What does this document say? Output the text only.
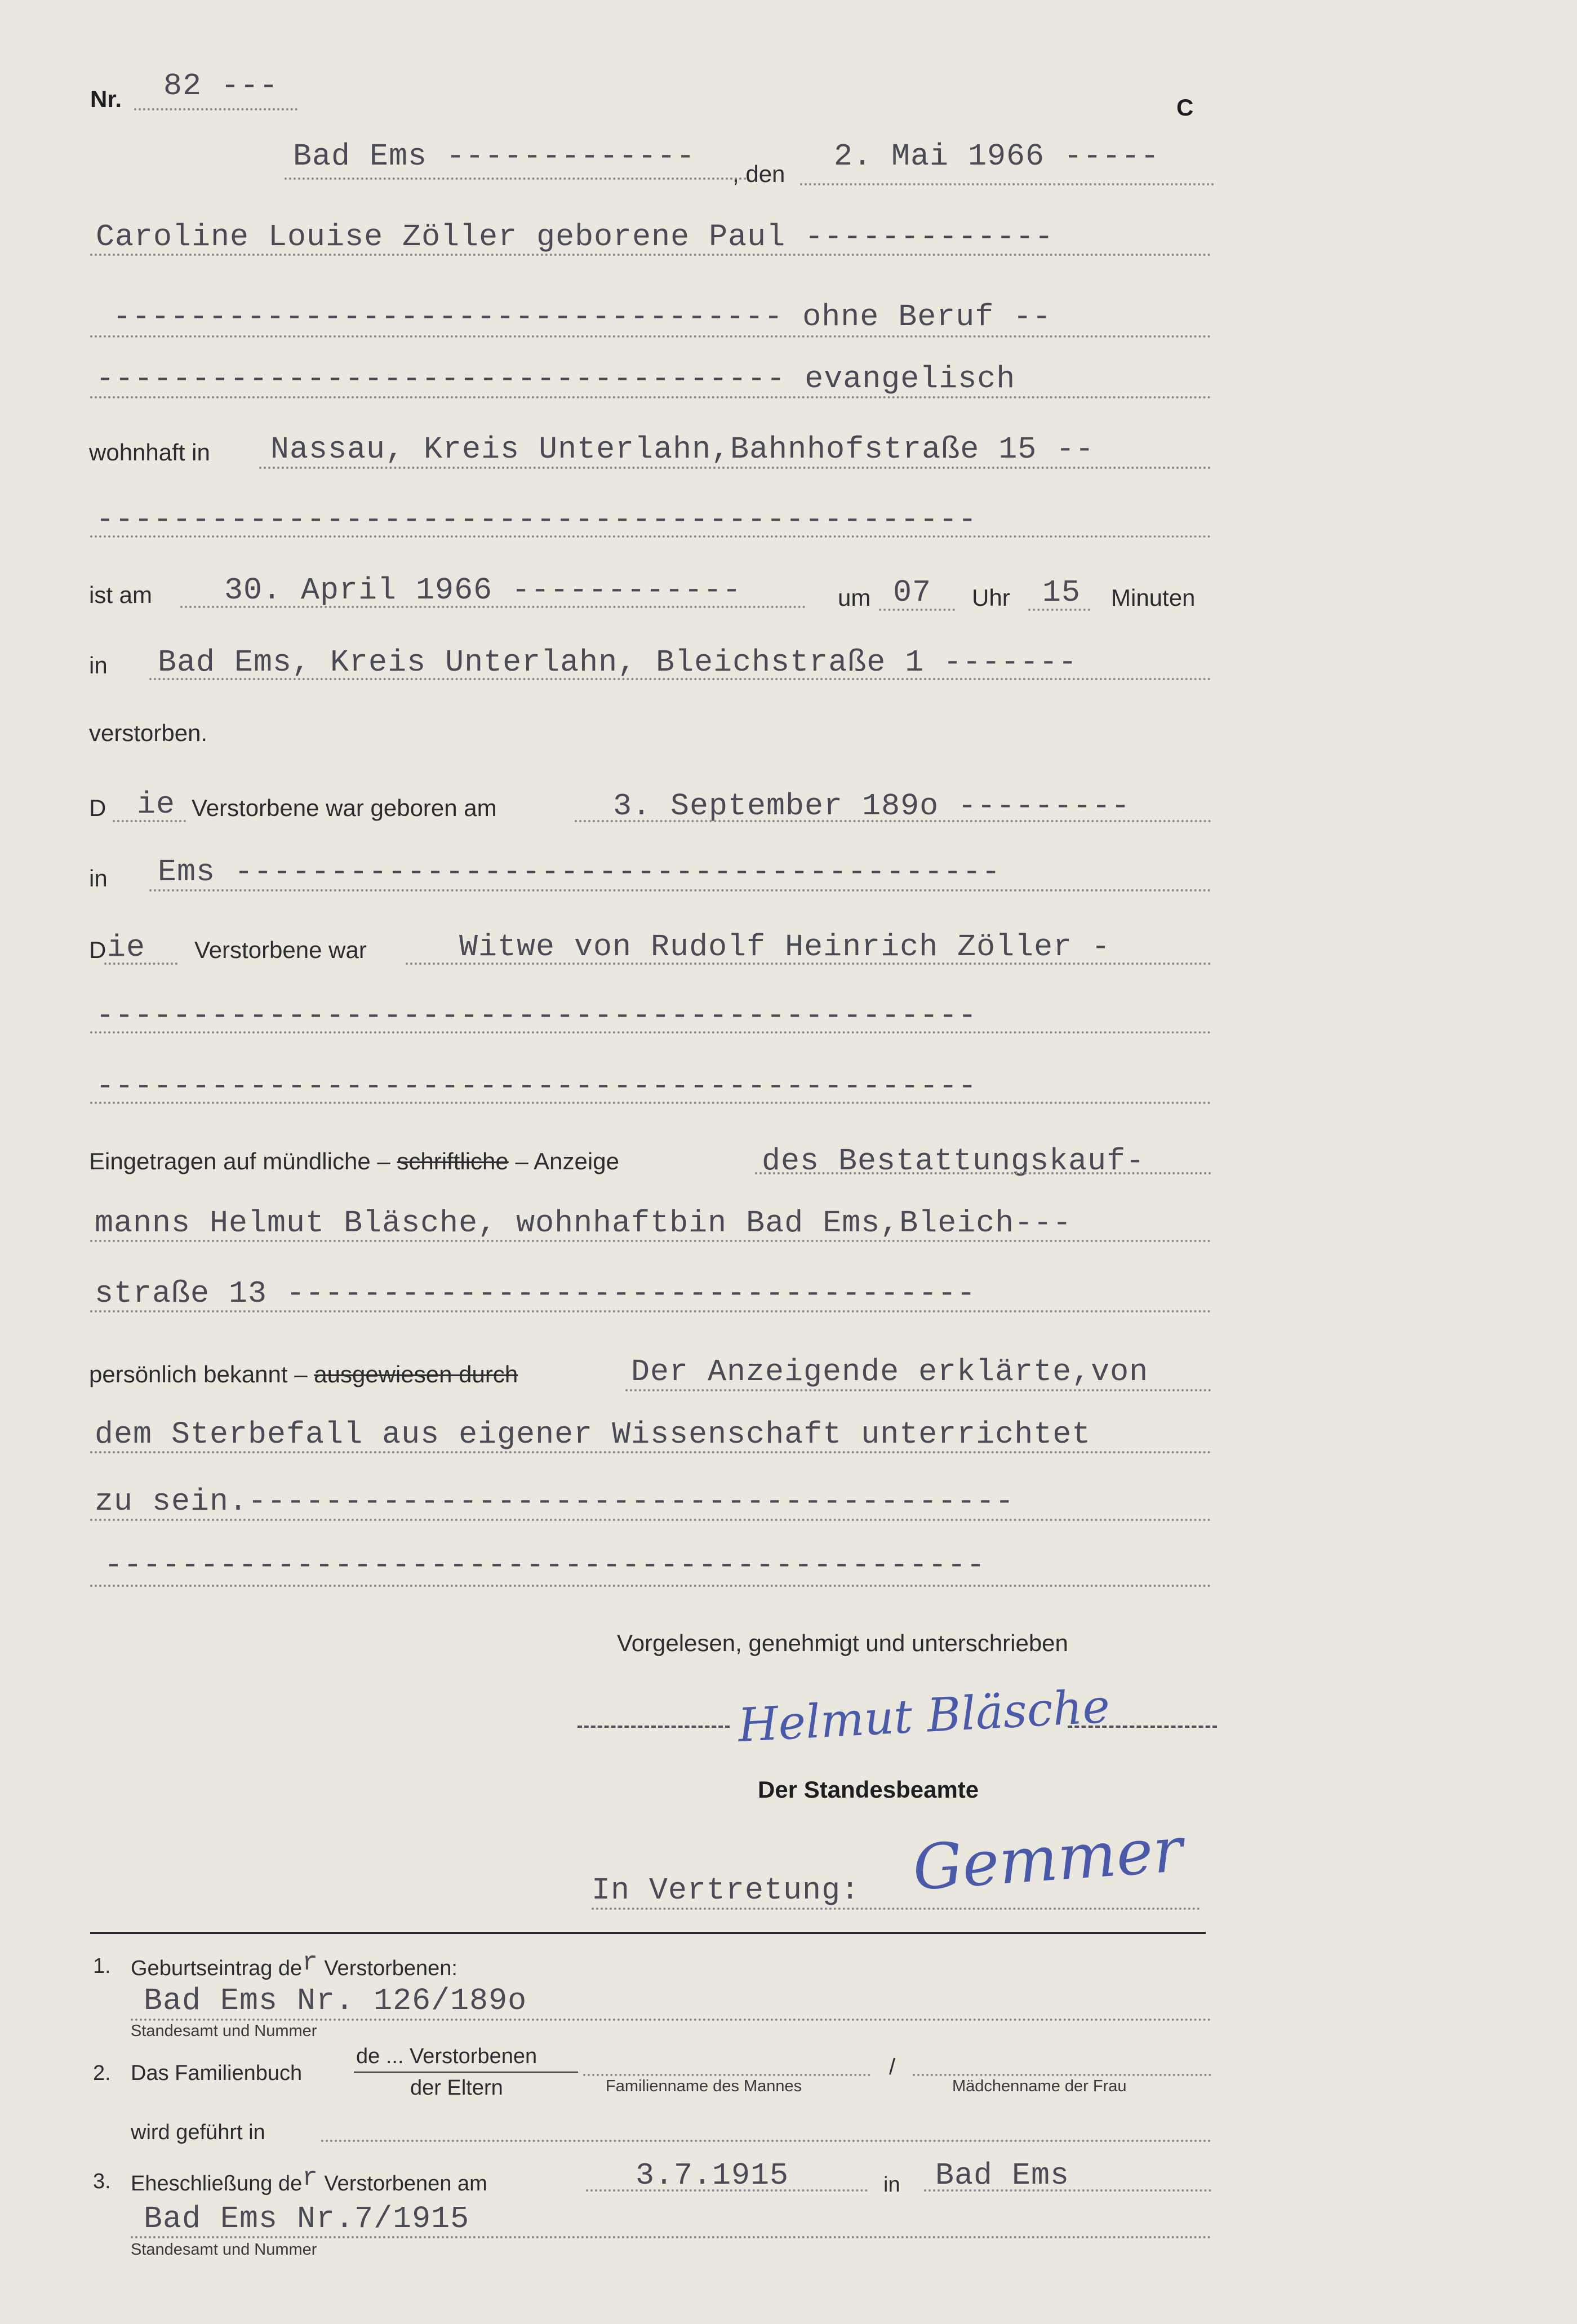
Nr. 82 ---
C
Bad Ems ------------- , den 2. Mai 1966 -----
Caroline Louise Zöller geborene Paul -------------
----------------------------------- ohne Beruf --
------------------------------------ evangelisch
wohnhaft in Nassau, Kreis Unterlahn,Bahnhofstraße 15 --
----------------------------------------------
ist am 30. April 1966 ------------	um 07 Uhr 15 Minuten
in Bad Ems, Kreis Unterlahn, Bleichstraße 1 -------
verstorben.
D ie Verstorbene war geboren am	3. September 189o ---------
in Ems ----------------------------------------
D ie Verstorbene war	Witwe von Rudolf Heinrich Zöller -
----------------------------------------------
----------------------------------------------
Eingetragen auf mündliche – schriftliche – Anzeige	des Bestattungskauf-
manns Helmut Bläsche, wohnhaftbin Bad Ems,Bleich---
straße 13 ------------------------------------
persönlich bekannt – ausgewiesen durch	Der Anzeigende erklärte,von
dem Sterbefall aus eigener Wissenschaft unterrichtet
zu sein.----------------------------------------
----------------------------------------------
Vorgelesen, genehmigt und unterschrieben
Helmut Bläsche
Der Standesbeamte
In Vertretung: Gemmer
1. Geburtseintrag der Verstorbenen:
Bad Ems Nr. 126/189o
Standesamt und Nummer
2. Das Familienbuch
de ... Verstorbenen
der Eltern
/
Familienname des Mannes	Mädchenname der Frau
wird geführt in
3. Eheschließung der Verstorbenen am	3.7.1915	in Bad Ems
Bad Ems Nr.7/1915
Standesamt und Nummer
